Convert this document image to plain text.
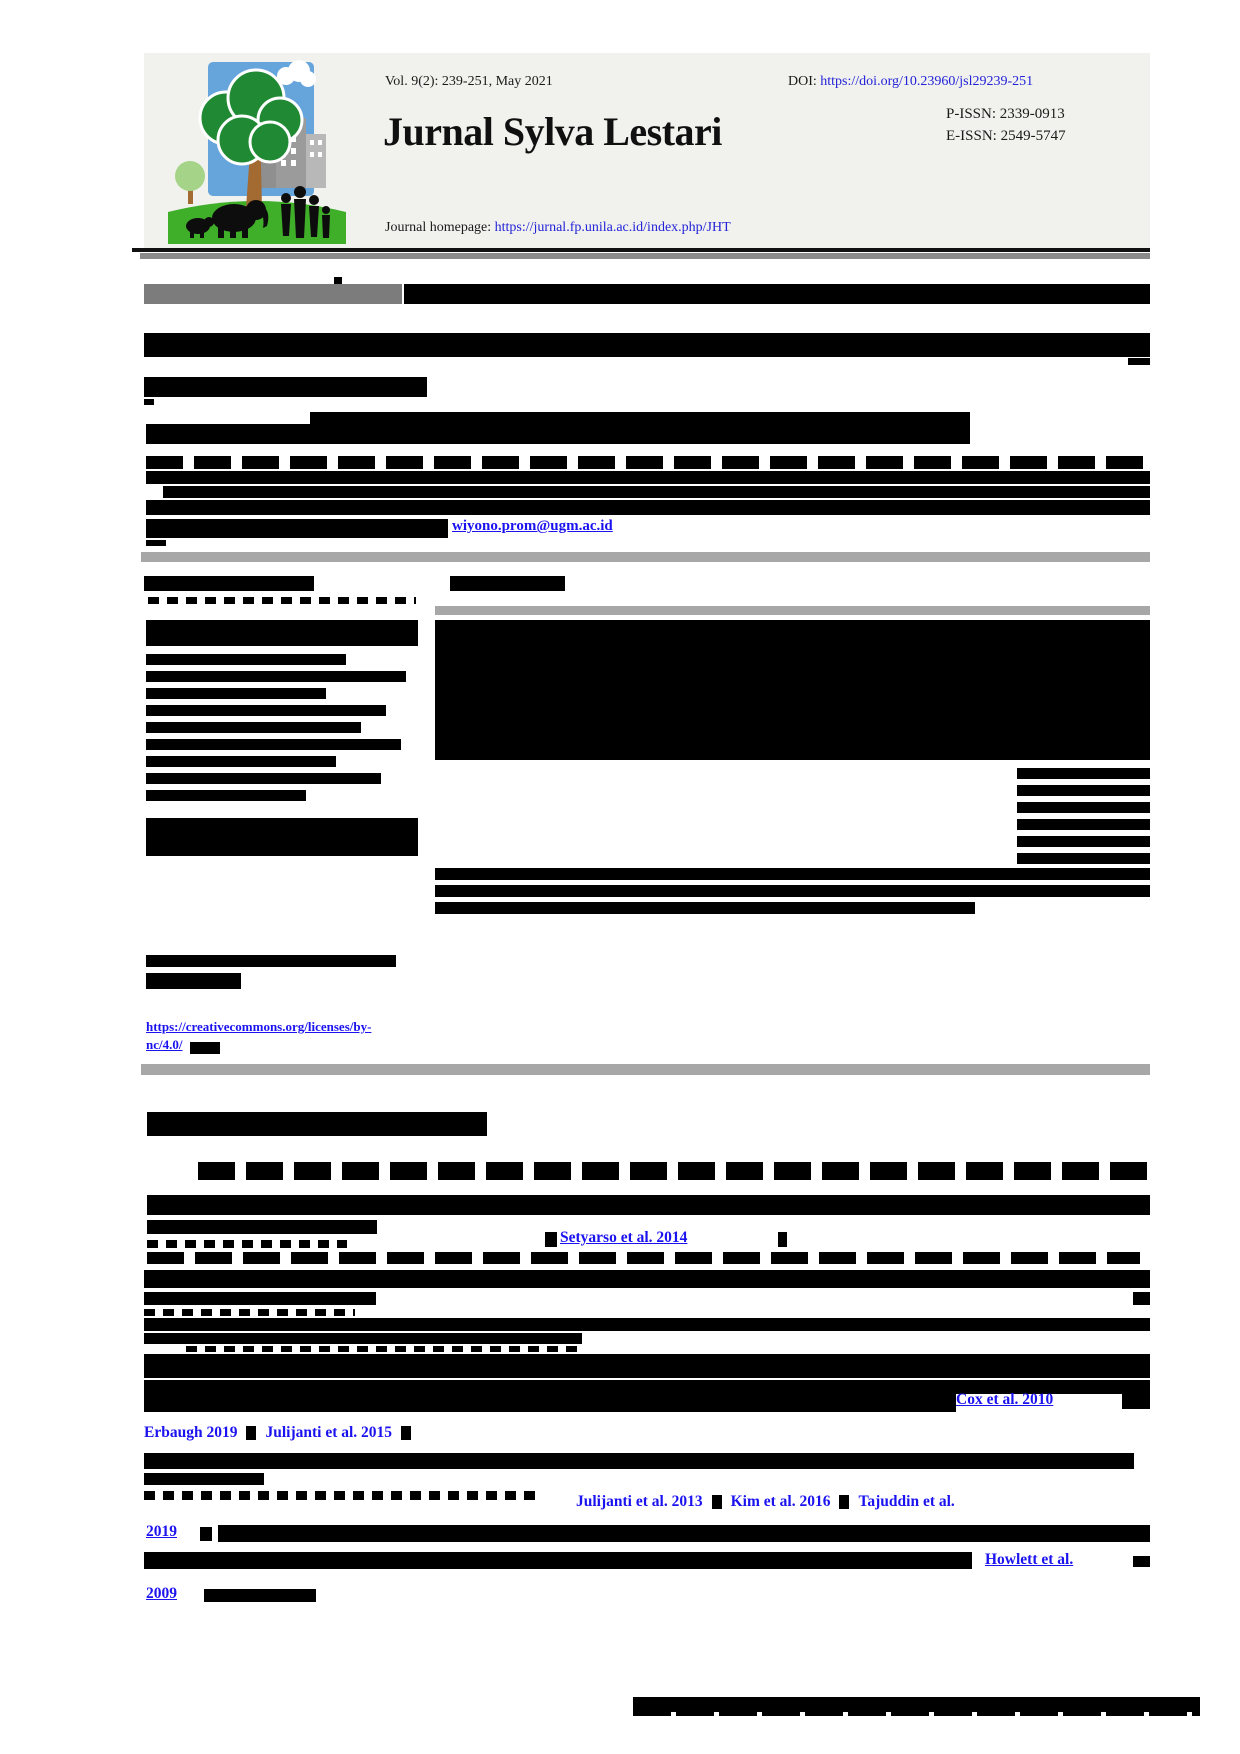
Vol. 9(2): 239-251, May 2021	DOI: https://doi.org/10.23960/jsl29239-251
Jurnal Sylva Lestari	P-ISSN: 2339-0913
E-ISSN: 2549-5747
Journal homepage: https://jurnal.fp.unila.ac.id/index.php/JHT
wiyono.prom@ugm.ac.id
https://creativecommons.org/licenses/by-
nc/4.0/
Setyarso et al. 2014
Cox et al. 2010
Erbaugh 2019 Julijanti et al. 2015
Julijanti et al. 2013 Kim et al. 2016 Tajuddin et al.
2019
Howlett et al.
2009
